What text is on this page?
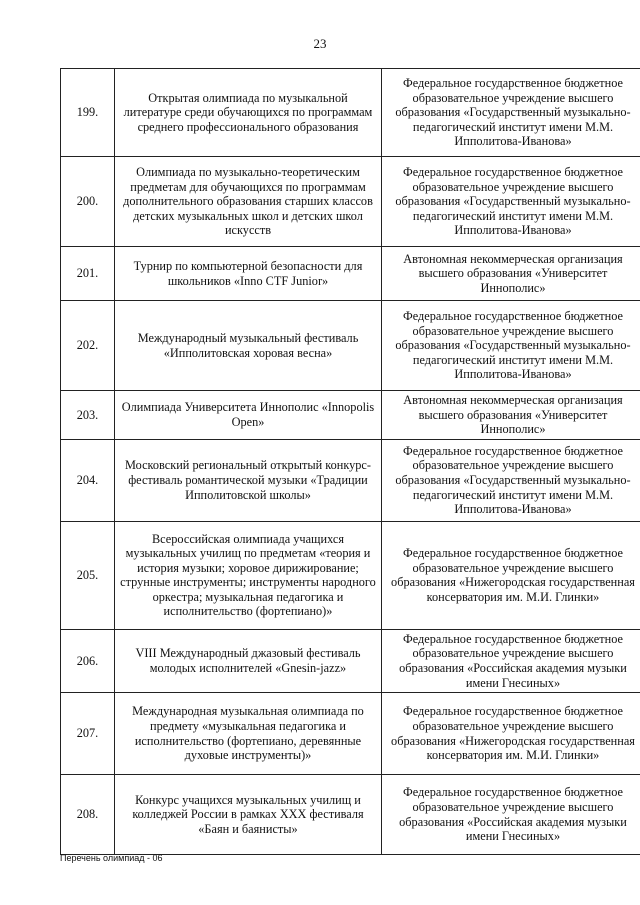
23
199.	Открытая олимпиада по музыкальной литературе среди обучающихся по программам среднего профессионального образования	Федеральное государственное бюджетное образовательное учреждение высшего образования «Государственный музыкально-педагогический институт имени М.М. Ипполитова-Иванова»
200.	Олимпиада по музыкально-теоретическим предметам для обучающихся по программам дополнительного образования старших классов детских музыкальных школ и детских школ искусств	Федеральное государственное бюджетное образовательное учреждение высшего образования «Государственный музыкально-педагогический институт имени М.М. Ипполитова-Иванова»
201.	Турнир по компьютерной безопасности для школьников «Inno CTF Junior»	Автономная некоммерческая организация высшего образования «Университет Иннополис»
202.	Международный музыкальный фестиваль «Ипполитовская хоровая весна»	Федеральное государственное бюджетное образовательное учреждение высшего образования «Государственный музыкально-педагогический институт имени М.М. Ипполитова-Иванова»
203.	Олимпиада Университета Иннополис «Innopolis Open»	Автономная некоммерческая организация высшего образования «Университет Иннополис»
204.	Московский региональный открытый конкурс-фестиваль романтической музыки «Традиции Ипполитовской школы»	Федеральное государственное бюджетное образовательное учреждение высшего образования «Государственный музыкально-педагогический институт имени М.М. Ипполитова-Иванова»
205.	Всероссийская олимпиада учащихся музыкальных училищ по предметам «теория и история музыки; хоровое дирижирование; струнные инструменты; инструменты народного оркестра; музыкальная педагогика и исполнительство (фортепиано)»	Федеральное государственное бюджетное образовательное учреждение высшего образования «Нижегородская государственная консерватория им. М.И. Глинки»
206.	VIII Международный джазовый фестиваль молодых исполнителей «Gnesin-jazz»	Федеральное государственное бюджетное образовательное учреждение высшего образования «Российская академия музыки имени Гнесиных»
207.	Международная музыкальная олимпиада по предмету «музыкальная педагогика и исполнительство (фортепиано, деревянные духовые инструменты)»	Федеральное государственное бюджетное образовательное учреждение высшего образования «Нижегородская государственная консерватория им. М.И. Глинки»
208.	Конкурс учащихся музыкальных училищ и колледжей России в рамках XXX фестиваля «Баян и баянисты»	Федеральное государственное бюджетное образовательное учреждение высшего образования «Российская академия музыки имени Гнесиных»
Перечень олимпиад - 06
